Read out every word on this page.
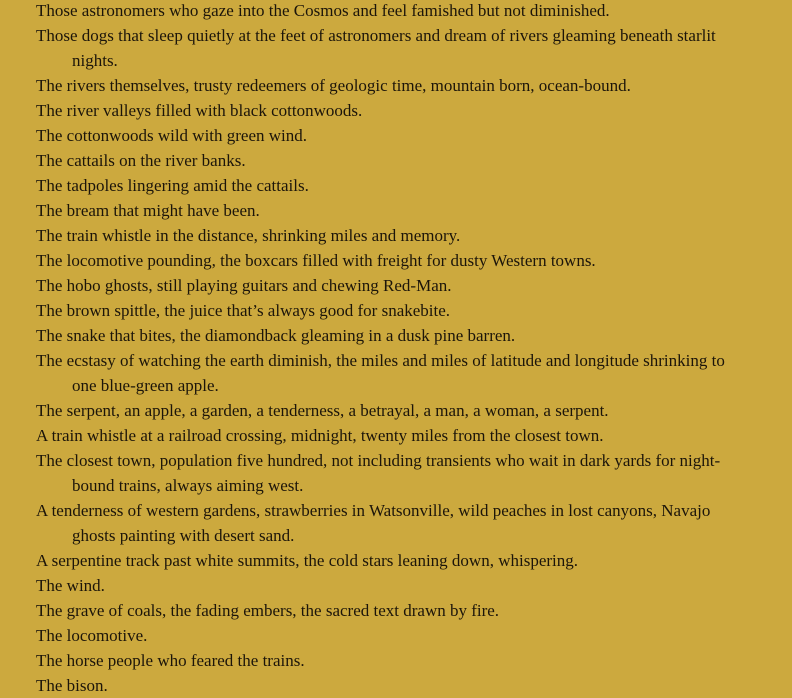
Those astronomers who gaze into the Cosmos and feel famished but not diminished.
Those dogs that sleep quietly at the feet of astronomers and dream of rivers gleaming beneath starlit nights.
The rivers themselves, trusty redeemers of geologic time, mountain born, ocean-bound.
The river valleys filled with black cottonwoods.
The cottonwoods wild with green wind.
The cattails on the river banks.
The tadpoles lingering amid the cattails.
The bream that might have been.
The train whistle in the distance, shrinking miles and memory.
The locomotive pounding, the boxcars filled with freight for dusty Western towns.
The hobo ghosts, still playing guitars and chewing Red-Man.
The brown spittle, the juice that’s always good for snakebite.
The snake that bites, the diamondback gleaming in a dusk pine barren.
The ecstasy of watching the earth diminish, the miles and miles of latitude and longitude shrinking to one blue-green apple.
The serpent, an apple, a garden, a tenderness, a betrayal, a man, a woman, a serpent.
A train whistle at a railroad crossing, midnight, twenty miles from the closest town.
The closest town, population five hundred, not including transients who wait in dark yards for night-bound trains, always aiming west.
A tenderness of western gardens, strawberries in Watsonville, wild peaches in lost canyons, Navajo ghosts painting with desert sand.
A serpentine track past white summits, the cold stars leaning down, whispering.
The wind.
The grave of coals, the fading embers, the sacred text drawn by fire.
The locomotive.
The horse people who feared the trains.
The bison.
